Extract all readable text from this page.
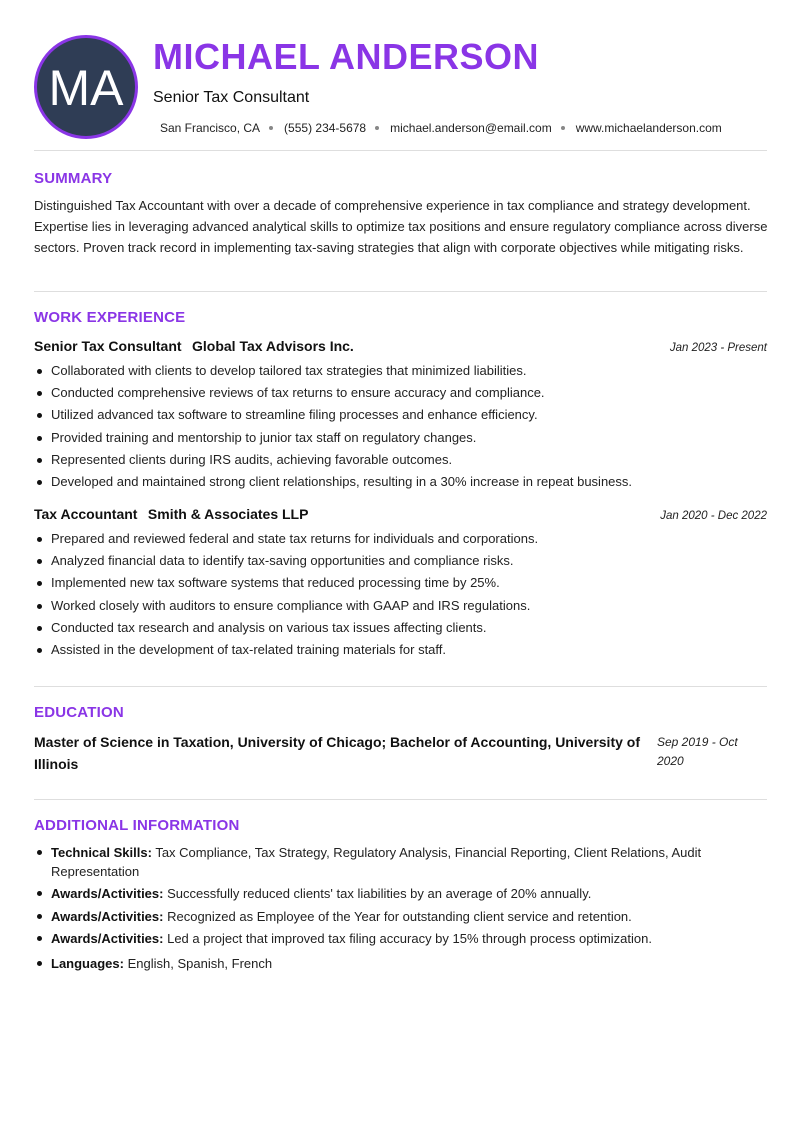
MA
MICHAEL ANDERSON
Senior Tax Consultant
San Francisco, CA (555) 234-5678 michael.anderson@email.com www.michaelanderson.com
SUMMARY

Distinguished Tax Accountant with over a decade of comprehensive experience in tax compliance and strategy development. Expertise lies in leveraging advanced analytical skills to optimize tax positions and ensure regulatory compliance across diverse sectors. Proven track record in implementing tax-saving strategies that align with corporate objectives while mitigating risks.

WORK EXPERIENCE
Senior Tax Consultant Global Tax Advisors Inc.	Jan 2023 - Present
Collaborated with clients to develop tailored tax strategies that minimized liabilities.
Conducted comprehensive reviews of tax returns to ensure accuracy and compliance.
Utilized advanced tax software to streamline filing processes and enhance efficiency.
Provided training and mentorship to junior tax staff on regulatory changes.
Represented clients during IRS audits, achieving favorable outcomes.
Developed and maintained strong client relationships, resulting in a 30% increase in repeat business.
Tax Accountant Smith & Associates LLP	Jan 2020 - Dec 2022
Prepared and reviewed federal and state tax returns for individuals and corporations.
Analyzed financial data to identify tax-saving opportunities and compliance risks.
Implemented new tax software systems that reduced processing time by 25%.
Worked closely with auditors to ensure compliance with GAAP and IRS regulations.
Conducted tax research and analysis on various tax issues affecting clients.
Assisted in the development of tax-related training materials for staff.
EDUCATION
Master of Science in Taxation, University of Chicago; Bachelor of Accounting, University of Illinois
Sep 2019 - Oct 2020
ADDITIONAL INFORMATION
Technical Skills: Tax Compliance, Tax Strategy, Regulatory Analysis, Financial Reporting, Client Relations, Audit Representation
Awards/Activities: Successfully reduced clients' tax liabilities by an average of 20% annually.
Awards/Activities: Recognized as Employee of the Year for outstanding client service and retention.
Awards/Activities: Led a project that improved tax filing accuracy by 15% through process optimization.
Languages: English, Spanish, French
